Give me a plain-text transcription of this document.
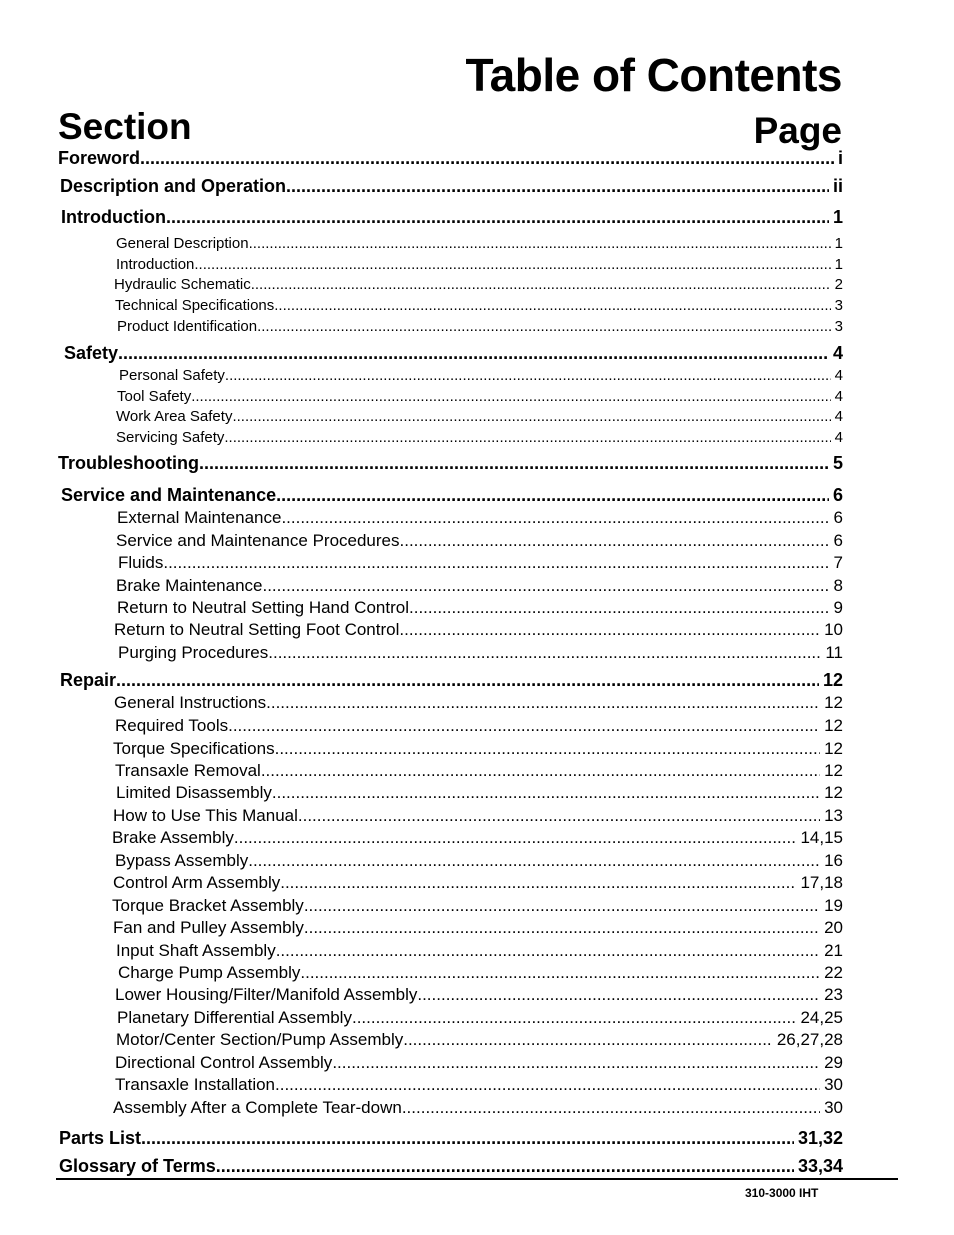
Table of Contents
Section	Page
Foreword .....	i
Description and Operation .....	ii
Introduction .....	1
General Description .....	1
Introduction .....	1
Hydraulic Schematic .....	2
Technical Specifications .....	3
Product Identification .....	3
Safety .....	4
Personal Safety .....	4
Tool Safety .....	4
Work Area Safety .....	4
Servicing Safety .....	4
Troubleshooting .....	5
Service and Maintenance .....	6
External Maintenance .....	6
Service and Maintenance Procedures .....	6
Fluids .....	7
Brake Maintenance .....	8
Return to Neutral Setting Hand Control .....	9
Return to Neutral Setting Foot Control .....	10
Purging Procedures .....	11
Repair .....	12
General Instructions .....	12
Required Tools .....	12
Torque Specifications .....	12
Transaxle Removal .....	12
Limited Disassembly .....	12
How to Use This Manual .....	13
Brake Assembly .....	14,15
Bypass Assembly .....	16
Control Arm Assembly .....	17,18
Torque Bracket Assembly .....	19
Fan and Pulley Assembly .....	20
Input Shaft Assembly .....	21
Charge Pump Assembly .....	22
Lower Housing/Filter/Manifold Assembly .....	23
Planetary Differential Assembly .....	24,25
Motor/Center Section/Pump Assembly .....	26,27,28
Directional Control Assembly .....	29
Transaxle Installation .....	30
Assembly After a Complete Tear-down .....	30
Parts List .....	31,32
Glossary of Terms .....	33,34
310-3000 IHT
